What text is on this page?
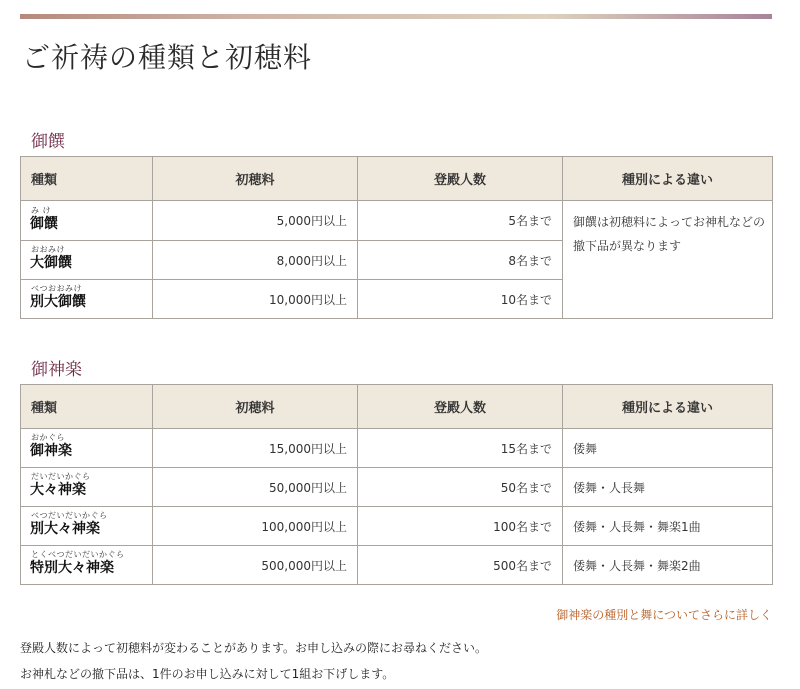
ご祈祷の種類と初穂料
御饌
種類	初穂料	登殿人数	種別による違い

み け
御饌	5,000円以上	5名まで	御饌は初穂料によってお神札などの撤下品が異なります

おおみけ
大御饌	8,000円以上	8名まで	

べつおおみけ
別大御饌	10,000円以上	10名まで	
御神楽
種類	初穂料	登殿人数	種別による違い

おかぐら
御神楽	15,000円以上	15名まで	倭舞

だいだいかぐら
大々神楽	50,000円以上	50名まで	倭舞・人長舞

べつだいだいかぐら
別大々神楽	100,000円以上	100名まで	倭舞・人長舞・舞楽1曲

とくべつだいだいかぐら
特別大々神楽	500,000円以上	500名まで	倭舞・人長舞・舞楽2曲
御神楽の種別と舞についてさらに詳しく

登殿人数によって初穂料が変わることがあります。お申し込みの際にお尋ねください。

お神札などの撤下品は、1件のお申し込みに対して1組お下げします。
